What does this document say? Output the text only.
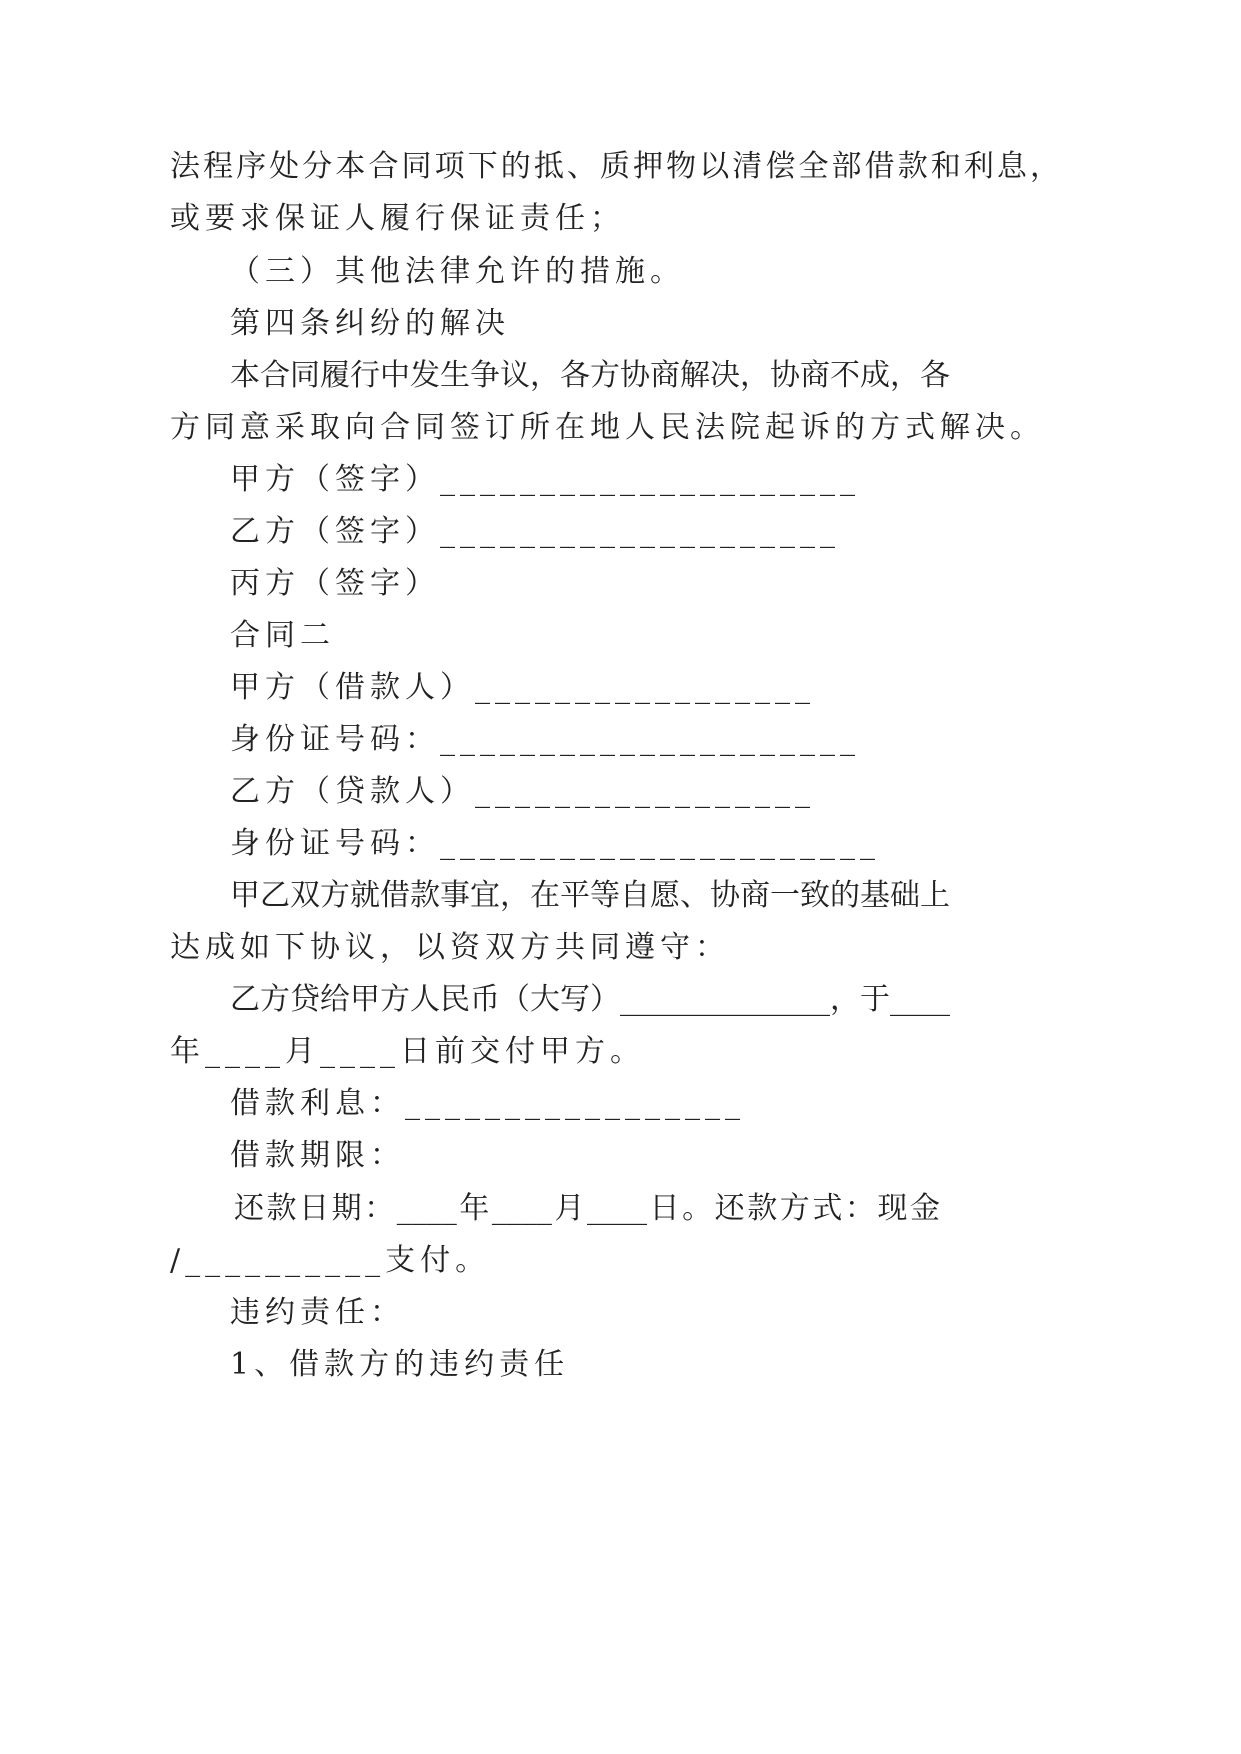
法程序处分本合同项下的抵、质押物以清偿全部借款和利息，
或要求保证人履行保证责任；
（三）其他法律允许的措施。
第四条纠纷的解决
本合同履行中发生争议，各方协商解决，协商不成，各
方同意采取向合同签订所在地人民法院起诉的方式解决。
甲方（签字）_____________________
乙方（签字）____________________
丙方（签字）
合同二
甲方（借款人）_________________
身份证号码：_____________________
乙方（贷款人）_________________
身份证号码：______________________
甲乙双方就借款事宜，在平等自愿、协商一致的基础上
达成如下协议，以资双方共同遵守：
乙方贷给甲方人民币（大写）______________，于____
年____月____日前交付甲方。
借款利息：_________________
借款期限：
还款日期：____年____月____日。还款方式：现金
/__________支付。
违约责任：
1、借款方的违约责任
